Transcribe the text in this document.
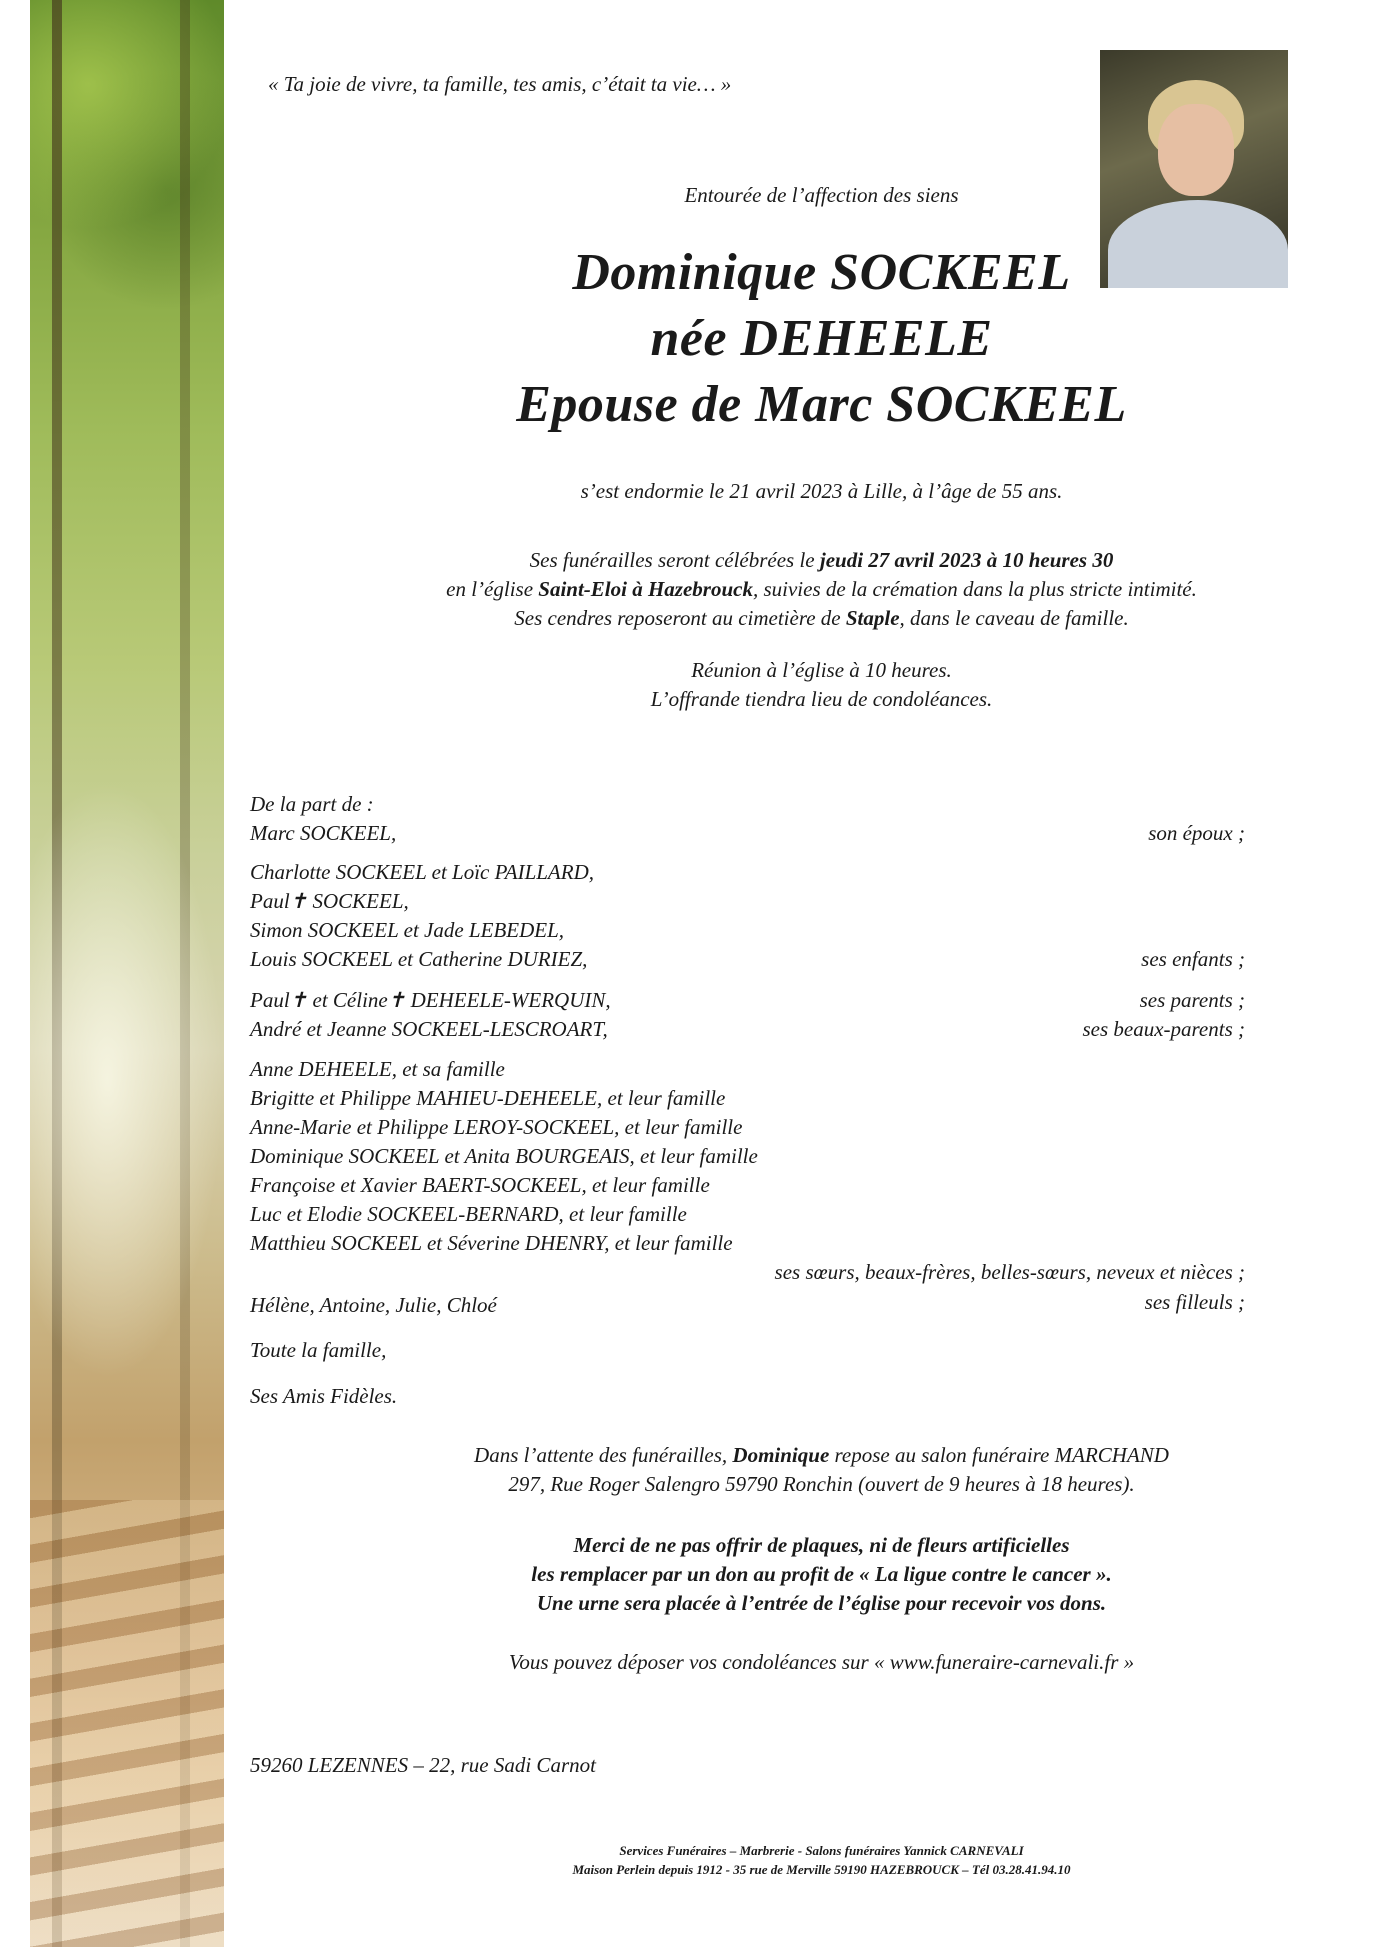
« Ta joie de vivre, ta famille, tes amis, c’était ta vie… »
Entourée de l’affection des siens
Dominique SOCKEEL
née DEHEELE
Epouse de Marc SOCKEEL
s’est endormie le 21 avril 2023 à Lille, à l’âge de 55 ans.
Ses funérailles seront célébrées le jeudi 27 avril 2023 à 10 heures 30
en l’église Saint-Eloi à Hazebrouck, suivies de la crémation dans la plus stricte intimité.
Ses cendres reposeront au cimetière de Staple, dans le caveau de famille.
Réunion à l’église à 10 heures.
L’offrande tiendra lieu de condoléances.
De la part de :
Marc SOCKEEL,	son époux ;
Charlotte SOCKEEL et Loïc PAILLARD,
Paul✝ SOCKEEL,
Simon SOCKEEL et Jade LEBEDEL,
Louis SOCKEEL et Catherine DURIEZ,	ses enfants ;
Paul✝ et Céline✝ DEHEELE-WERQUIN,	ses parents ;
André et Jeanne SOCKEEL-LESCROART,	ses beaux-parents ;
Anne DEHEELE, et sa famille
Brigitte et Philippe MAHIEU-DEHEELE, et leur famille
Anne-Marie et Philippe LEROY-SOCKEEL, et leur famille
Dominique SOCKEEL et Anita BOURGEAIS, et leur famille
Françoise et Xavier BAERT-SOCKEEL, et leur famille
Luc et Elodie SOCKEEL-BERNARD, et leur famille
Matthieu SOCKEEL et Séverine DHENRY, et leur famille
ses sœurs, beaux-frères, belles-sœurs, neveux et nièces ;
Hélène, Antoine, Julie, Chloé	ses filleuls ;
Toute la famille,
Ses Amis Fidèles.
Dans l’attente des funérailles, Dominique repose au salon funéraire MARCHAND
297, Rue Roger Salengro 59790 Ronchin (ouvert de 9 heures à 18 heures).
Merci de ne pas offrir de plaques, ni de fleurs artificielles
les remplacer par un don au profit de « La ligue contre le cancer ».
Une urne sera placée à l’entrée de l’église pour recevoir vos dons.
Vous pouvez déposer vos condoléances sur « www.funeraire-carnevali.fr »
59260 LEZENNES – 22, rue Sadi Carnot
Services Funéraires – Marbrerie - Salons funéraires Yannick CARNEVALI
Maison Perlein depuis 1912 - 35 rue de Merville 59190 HAZEBROUCK – Tél 03.28.41.94.10
